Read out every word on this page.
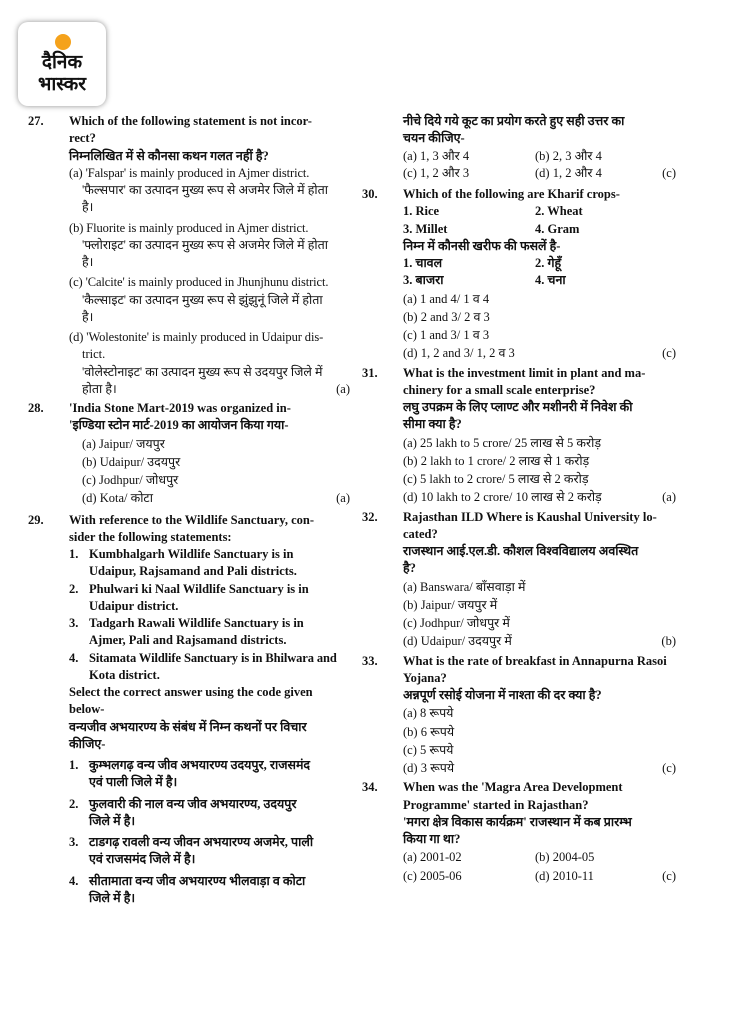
दैनिक
भास्कर
27. Which of the following statement is not incor-
rect?
निम्नलिखित में से कौनसा कथन गलत नहीं है?
(a) 'Falspar' is mainly produced in Ajmer district.
'फैल्सपार' का उत्पादन मुख्य रूप से अजमेर जिले में होता
है।
(b) Fluorite is mainly produced in Ajmer district.
'फ्लोराइट' का उत्पादन मुख्य रूप से अजमेर जिले में होता
है।
(c) 'Calcite' is mainly produced in Jhunjhunu district.
'कैल्साइट' का उत्पादन मुख्य रूप से झुंझुनूं जिले में होता
है।
(d) 'Wolestonite' is mainly produced in Udaipur dis-
trict.
'वोलेस्टोनाइट' का उत्पादन मुख्य रूप से उदयपुर जिले में
होता है।	(a)
28. 'India Stone Mart-2019 was organized in-
'इण्डिया स्टोन मार्ट-2019 का आयोजन किया गया-
(a) Jaipur/ जयपुर
(b) Udaipur/ उदयपुर
(c) Jodhpur/ जोधपुर
(d) Kota/ कोटा	(a)
29. With reference to the Wildlife Sanctuary, con-
sider the following statements:
1. Kumbhalgarh Wildlife Sanctuary is in
Udaipur, Rajsamand and Pali districts.
2. Phulwari ki Naal Wildlife Sanctuary is in
Udaipur district.
3. Tadgarh Rawali Wildlife Sanctuary is in
Ajmer, Pali and Rajsamand districts.
4. Sitamata Wildlife Sanctuary is in Bhilwara and
Kota district.
Select the correct answer using the code given
below-
वन्यजीव अभयारण्य के संबंध में निम्न कथनों पर विचार
कीजिए-
1. कुम्भलगढ़ वन्य जीव अभयारण्य उदयपुर, राजसमंद
एवं पाली जिले में है।
2. फुलवारी की नाल वन्य जीव अभयारण्य, उदयपुर
जिले में है।
3. टाडगढ़ रावली वन्य जीवन अभयारण्य अजमेर, पाली
एवं राजसमंद जिले में है।
4. सीतामाता वन्य जीव अभयारण्य भीलवाड़ा व कोटा
जिले में है।
नीचे दिये गये कूट का प्रयोग करते हुए सही उत्तर का
चयन कीजिए-
(a) 1, 3 और 4	(b) 2, 3 और 4
(c) 1, 2 और 3	(d) 1, 2 और 4	(c)
30. Which of the following are Kharif crops-
1. Rice	2. Wheat
3. Millet	4. Gram
निम्न में कौनसी खरीफ की फसलें है-
1. चावल	2. गेहूँ
3. बाजरा	4. चना
(a) 1 and 4/ 1 व 4
(b) 2 and 3/ 2 व 3
(c) 1 and 3/ 1 व 3
(d) 1, 2 and 3/ 1, 2 व 3	(c)
31. What is the investment limit in plant and ma-
chinery for a small scale enterprise?
लघु उपक्रम के लिए प्लाण्ट और मशीनरी में निवेश की
सीमा क्या है?
(a) 25 lakh to 5 crore/ 25 लाख से 5 करोड़
(b) 2 lakh to 1 crore/ 2 लाख से 1 करोड़
(c) 5 lakh to 2 crore/ 5 लाख से 2 करोड़
(d) 10 lakh to 2 crore/ 10 लाख से 2 करोड़	(a)
32. Rajasthan ILD Where is Kaushal University lo-
cated?
राजस्थान आई.एल.डी. कौशल विश्वविद्यालय अवस्थित
है?
(a) Banswara/ बाँसवाड़ा में
(b) Jaipur/ जयपुर में
(c) Jodhpur/ जोधपुर में
(d) Udaipur/ उदयपुर में	(b)
33. What is the rate of breakfast in Annapurna Rasoi
Yojana?
अन्नपूर्ण रसोई योजना में नाश्ता की दर क्या है?
(a) 8 रूपये
(b) 6 रूपये
(c) 5 रूपये
(d) 3 रूपये	(c)
34. When was the 'Magra Area Development
Programme' started in Rajasthan?
'मगरा क्षेत्र विकास कार्यक्रम' राजस्थान में कब प्रारम्भ
किया गा था?
(a) 2001-02	(b) 2004-05
(c) 2005-06	(d) 2010-11	(c)
